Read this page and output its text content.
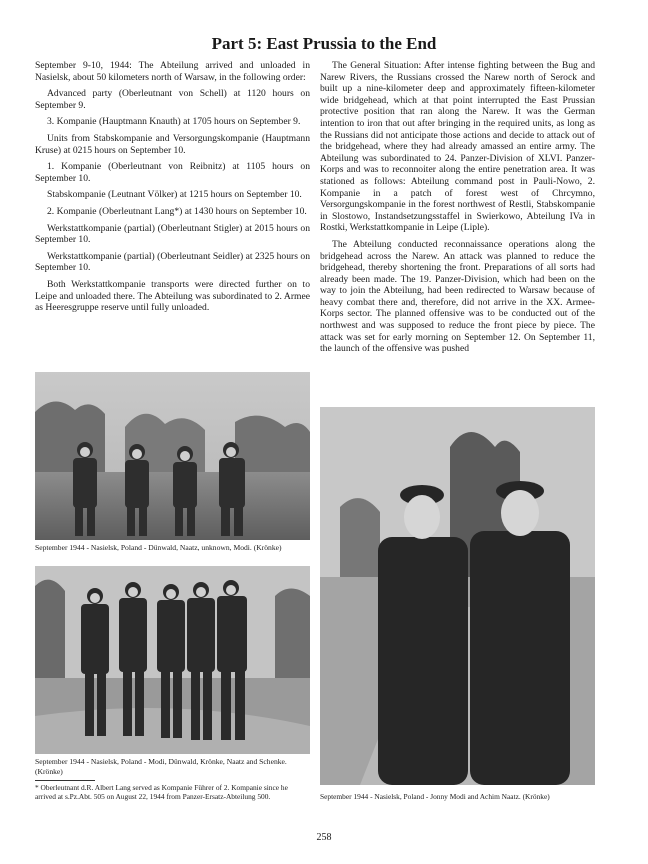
Part 5: East Prussia to the End

September 9-10, 1944: The Abteilung arrived and unloaded in Nasielsk, about 50 kilometers north of Warsaw, in the following order:

Advanced party (Oberleutnant von Schell) at 1120 hours on September 9.

3. Kompanie (Hauptmann Knauth) at 1705 hours on September 9.

Units from Stabskompanie and Versorgungskompanie (Hauptmann Kruse) at 0215 hours on September 10.

1. Kompanie (Oberleutnant von Reibnitz) at 1105 hours on September 10.

Stabskompanie (Leutnant Völker) at 1215 hours on September 10.

2. Kompanie (Oberleutnant Lang*) at 1430 hours on September 10.

Werkstattkompanie (partial) (Oberleutnant Stigler) at 2015 hours on September 10.

Werkstattkompanie (partial) (Oberleutnant Seidler) at 2325 hours on September 10.

Both Werkstattkompanie transports were directed further on to Leipe and unloaded there. The Abteilung was subordinated to 2. Armee as Heeresgruppe reserve until fully unloaded.

The General Situation: After intense fighting between the Bug and Narew Rivers, the Russians crossed the Narew north of Serock and built up a nine-kilometer deep and approximately fifteen-kilometer wide bridgehead, which at that point interrupted the East Prussian protective position that ran along the Narew. It was the German intention to iron that out after bringing in the required units, as long as the Russians did not anticipate those actions and decide to attack out of the bridgehead, where they had already amassed an entire army. The Abteilung was subordinated to 24. Panzer-Division of XLVI. Panzer-Korps and was to reconnoiter along the entire penetration area. It was stationed as follows: Abteilung command post in Pauli-Nowo, 2. Kompanie in a patch of forest west of Chrcymno, Versorgungskompanie in the forest northwest of Restli, Stabskompanie in Slostowo, Instandsetzungsstaffel in Swierkowo, Abteilung IVa in Rostki, Werkstattkompanie in Leipe (Liple).

The Abteilung conducted reconnaissance operations along the bridgehead across the Narew. An attack was planned to reduce the bridgehead, thereby shortening the front. Preparations of all sorts had already been made. The 19. Panzer-Division, which had been on the way to join the Abteilung, had been redirected to Warsaw because of heavy combat there and, therefore, did not arrive in the XX. Armee-Korps sector. The planned offensive was to be conducted out of the northwest and was supposed to reduce the front piece by piece. The attack was set for early morning on September 12. On September 11, the launch of the offensive was pushed

September 1944 - Nasielsk, Poland - Dünwald, Naatz, unknown, Modi. (Krönke)
September 1944 - Nasielsk, Poland - Modi, Dünwald, Krönke, Naatz and Schenke. (Krönke)
September 1944 - Nasielsk, Poland - Jonny Modi and Achim Naatz. (Krönke)
* Oberleutnant d.R. Albert Lang served as Kompanie Führer of 2. Kompanie since he arrived at s.Pz.Abt. 505 on August 22, 1944 from Panzer-Ersatz-Abteilung 500.
258
